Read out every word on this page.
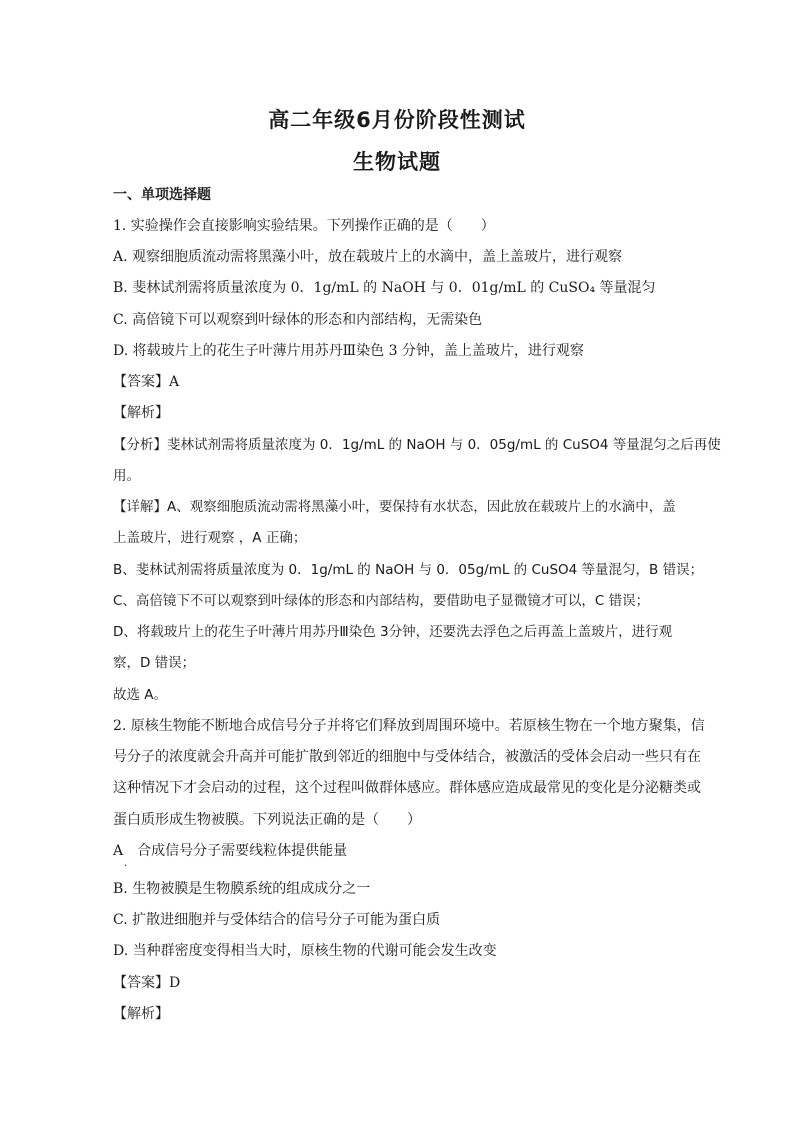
高二年级6月份阶段性测试
生物试题
一、单项选择题
1. 实验操作会直接影响实验结果。下列操作正确的是（　　）
A. 观察细胞质流动需将黑藻小叶，放在载玻片上的水滴中，盖上盖玻片，进行观察
B. 斐林试剂需将质量浓度为 0．1g/mL 的 NaOH 与 0．01g/mL 的 CuSO₄ 等量混匀
C. 高倍镜下可以观察到叶绿体的形态和内部结构，无需染色
D. 将载玻片上的花生子叶薄片用苏丹Ⅲ染色 3 分钟，盖上盖玻片，进行观察
【答案】A
【解析】
【分析】斐林试剂需将质量浓度为 0．1g/mL 的 NaOH 与 0．05g/mL 的 CuSO4 等量混匀之后再使
用。
【详解】A、观察细胞质流动需将黑藻小叶，要保持有水状态，因此放在载玻片上的水滴中，盖
上盖玻片，进行观察 ，A 正确；
B、斐林试剂需将质量浓度为 0．1g/mL 的 NaOH 与 0．05g/mL 的 CuSO4 等量混匀，B 错误；
C、高倍镜下不可以观察到叶绿体的形态和内部结构，要借助电子显微镜才可以，C 错误；
D、将载玻片上的花生子叶薄片用苏丹Ⅲ染色 3分钟，还要洗去浮色之后再盖上盖玻片，进行观
察，D 错误；
故选 A。
2. 原核生物能不断地合成信号分子并将它们释放到周围环境中。若原核生物在一个地方聚集，信
号分子的浓度就会升高并可能扩散到邻近的细胞中与受体结合，被激活的受体会启动一些只有在
这种情况下才会启动的过程，这个过程叫做群体感应。群体感应造成最常见的变化是分泌糖类或
蛋白质形成生物被膜。下列说法正确的是（　　）
A　合成信号分子需要线粒体提供能量
·
B. 生物被膜是生物膜系统的组成成分之一
C. 扩散进细胞并与受体结合的信号分子可能为蛋白质
D. 当种群密度变得相当大时，原核生物的代谢可能会发生改变
【答案】D
【解析】
